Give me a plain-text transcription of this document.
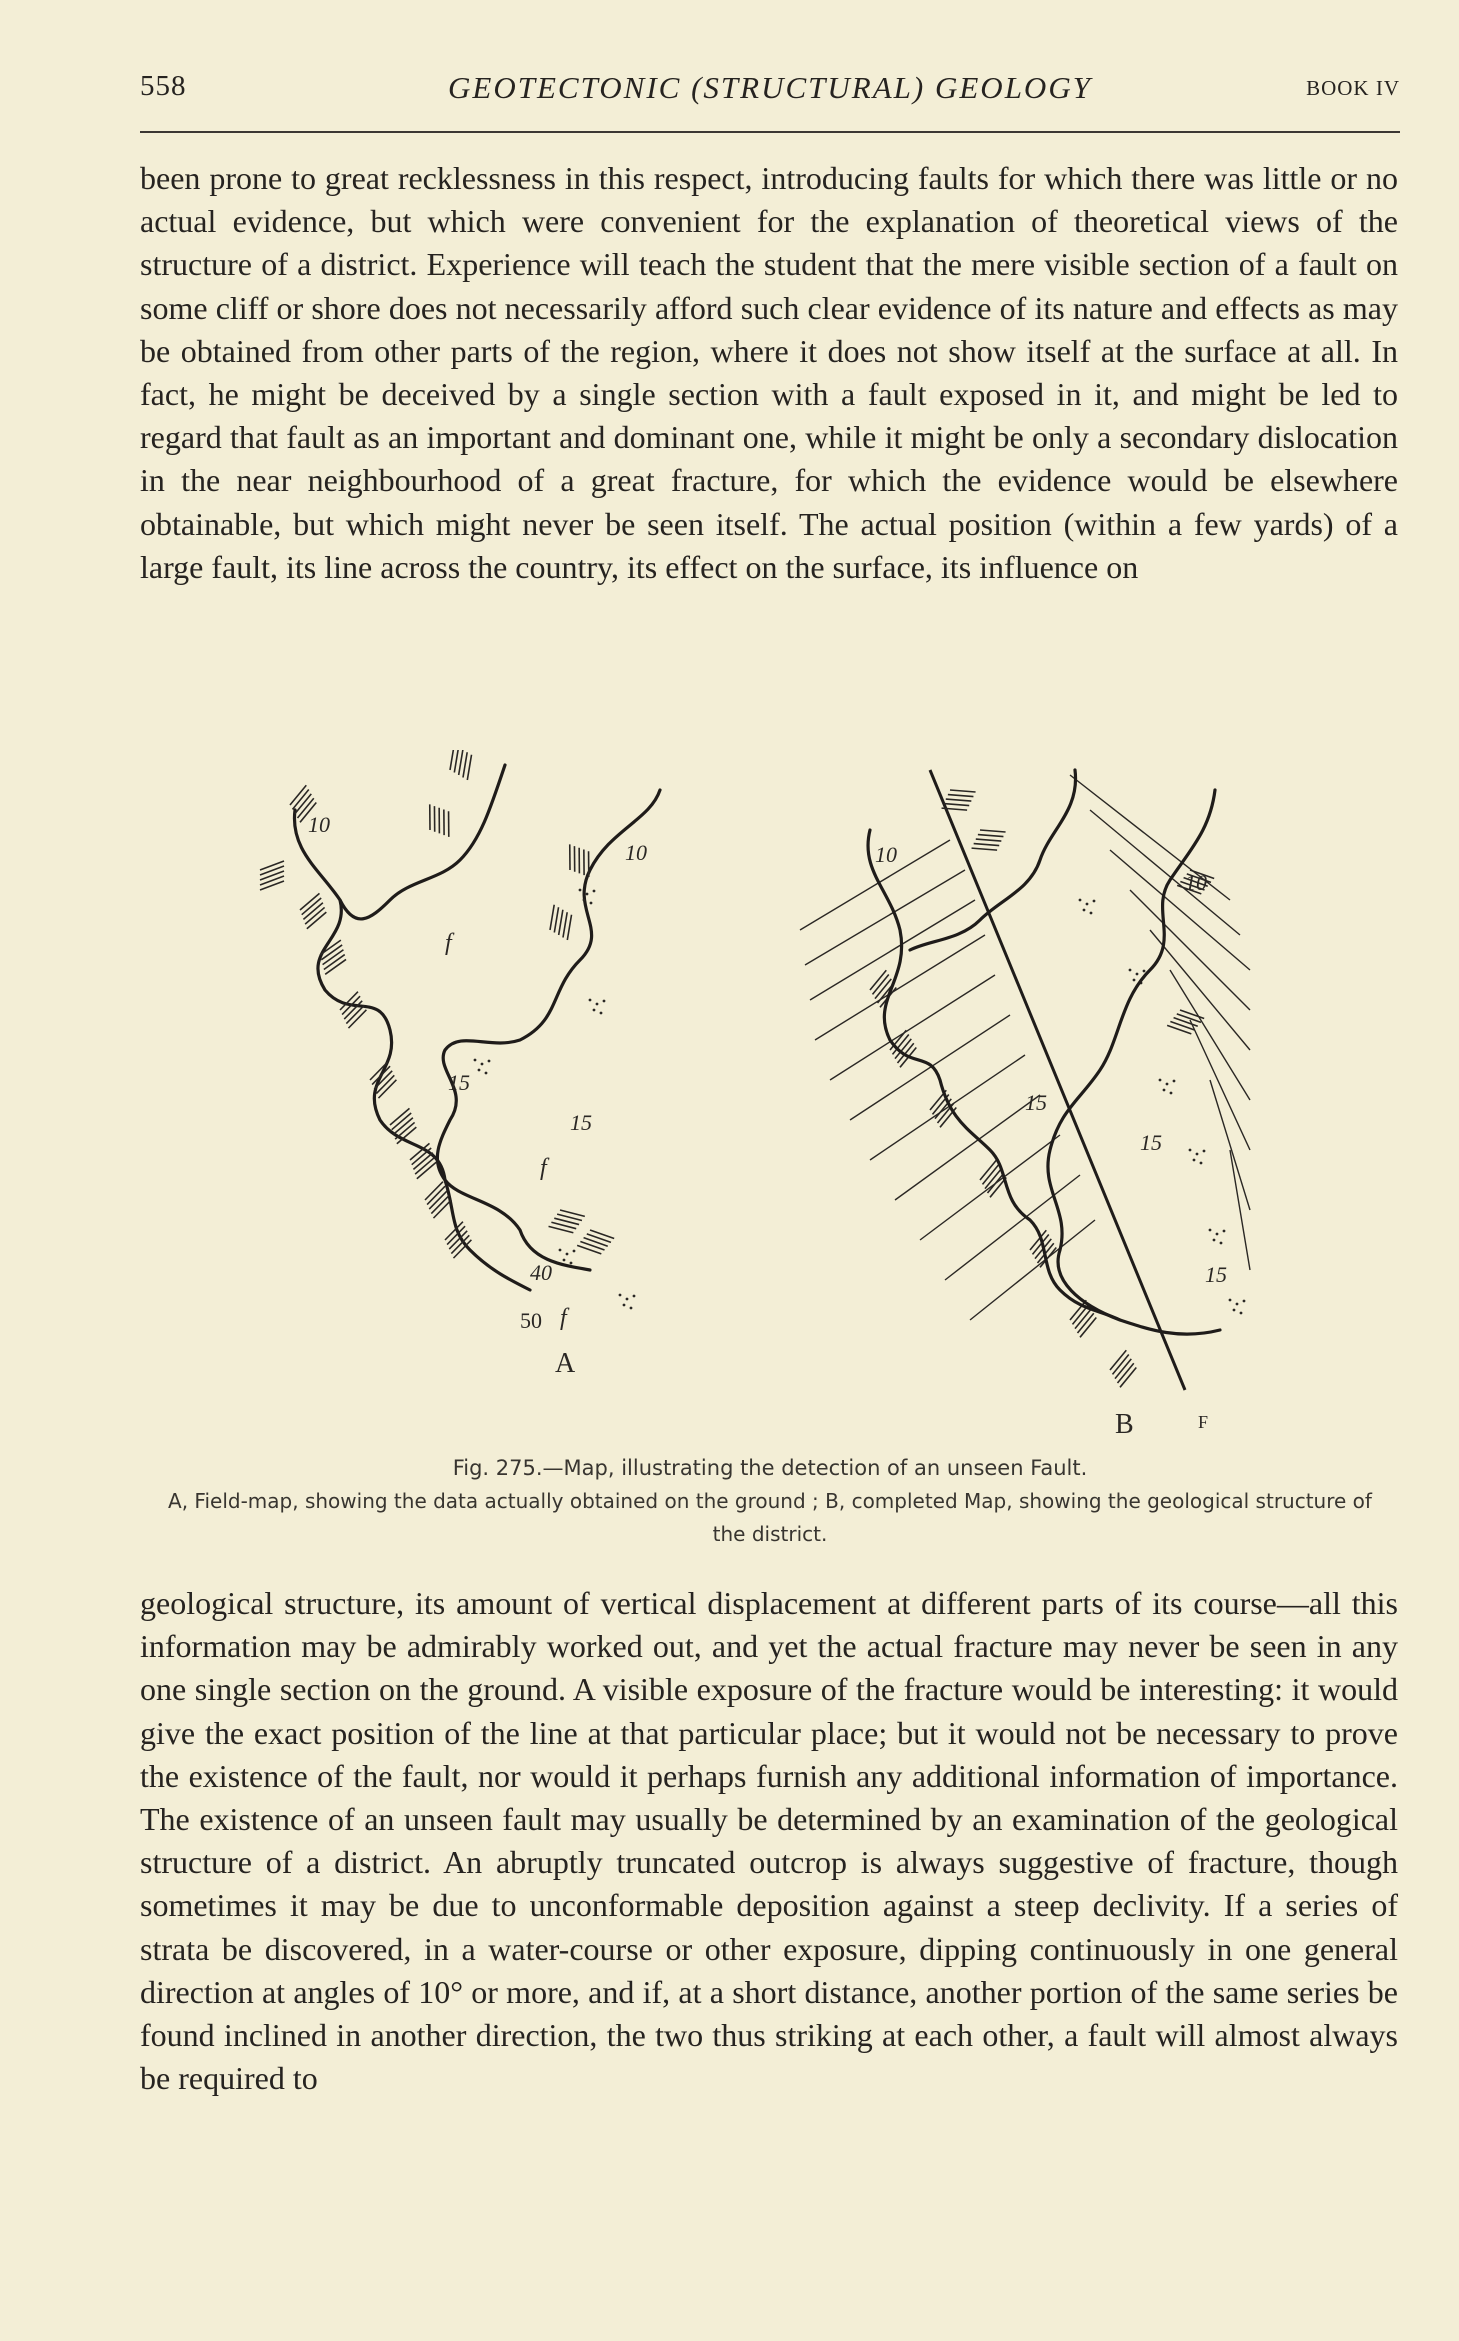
558	GEOTECTONIC (STRUCTURAL) GEOLOGY	BOOK IV

been prone to great recklessness in this respect, introducing faults for which there was little or no actual evidence, but which were convenient for the explanation of theoretical views of the structure of a district. Experience will teach the student that the mere visible section of a fault on some cliff or shore does not necessarily afford such clear evidence of its nature and effects as may be obtained from other parts of the region, where it does not show itself at the surface at all. In fact, he might be deceived by a single section with a fault exposed in it, and might be led to regard that fault as an important and dominant one, while it might be only a secondary dislocation in the near neighbourhood of a great fracture, for which the evidence would be elsewhere obtainable, but which might never be seen itself. The actual position (within a few yards) of a large fault, its line across the country, its effect on the surface, its influence on

10
10
15
15
40
50
f
f
f
A
10
10
15
15
15
B	F
Fig. 275.—Map, illustrating the detection of an unseen Fault.
A, Field-map, showing the data actually obtained on the ground ; B, completed Map, showing the geological structure of the district.

geological structure, its amount of vertical displacement at different parts of its course—all this information may be admirably worked out, and yet the actual fracture may never be seen in any one single section on the ground. A visible exposure of the fracture would be interesting: it would give the exact position of the line at that particular place; but it would not be necessary to prove the existence of the fault, nor would it perhaps furnish any additional information of importance. The existence of an unseen fault may usually be determined by an examination of the geological structure of a district. An abruptly truncated outcrop is always suggestive of fracture, though sometimes it may be due to unconformable deposition against a steep declivity. If a series of strata be discovered, in a water-course or other exposure, dipping continuously in one general direction at angles of 10° or more, and if, at a short distance, another portion of the same series be found inclined in another direction, the two thus striking at each other, a fault will almost always be required to
